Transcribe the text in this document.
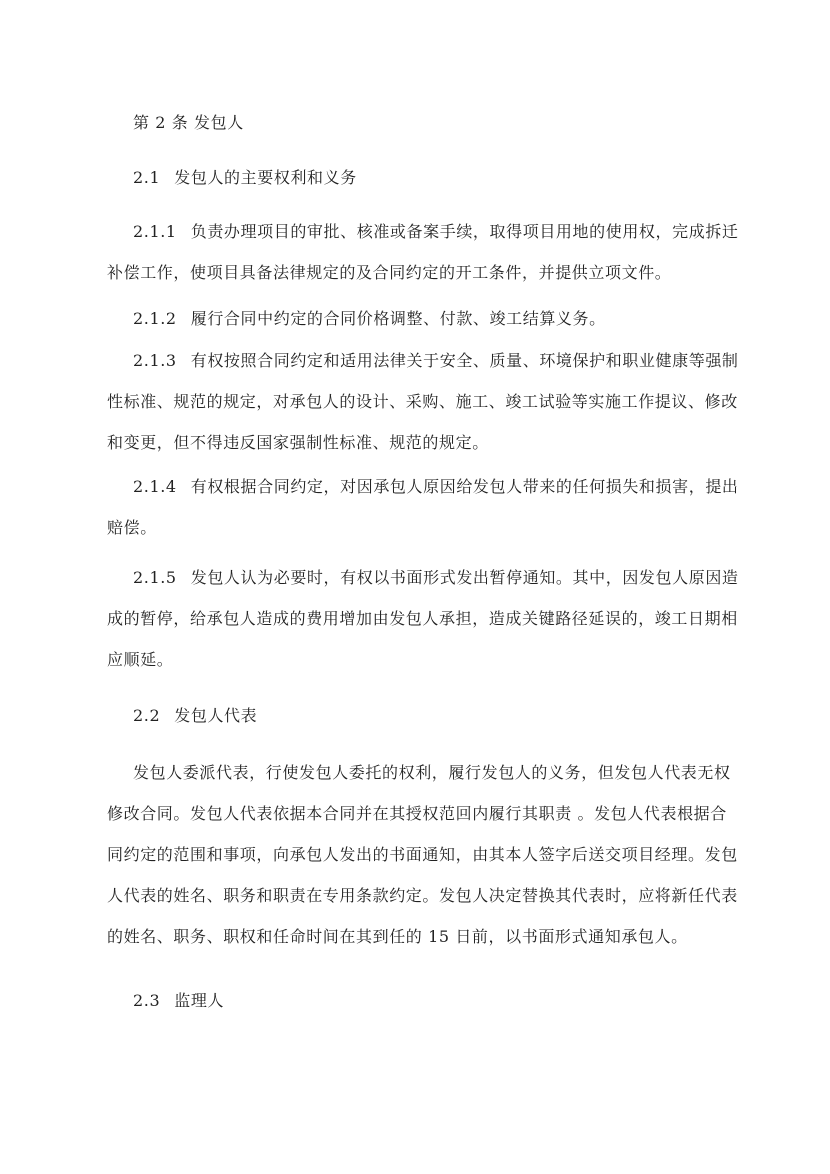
第 2 条 发包人
2.1 发包人的主要权利和义务
2.1.1 负责办理项目的审批、核准或备案手续，取得项目用地的使用权，完成拆迁
补偿工作，使项目具备法律规定的及合同约定的开工条件，并提供立项文件。
2.1.2 履行合同中约定的合同价格调整、付款、竣工结算义务。
2.1.3 有权按照合同约定和适用法律关于安全、质量、环境保护和职业健康等强制
性标准、规范的规定，对承包人的设计、采购、施工、竣工试验等实施工作提议、修改
和变更，但不得违反国家强制性标准、规范的规定。
2.1.4 有权根据合同约定，对因承包人原因给发包人带来的任何损失和损害，提出
赔偿。
2.1.5 发包人认为必要时，有权以书面形式发出暂停通知。其中，因发包人原因造
成的暂停，给承包人造成的费用增加由发包人承担，造成关键路径延误的，竣工日期相
应顺延。
2.2 发包人代表
发包人委派代表，行使发包人委托的权利，履行发包人的义务，但发包人代表无权
修改合同。发包人代表依据本合同并在其授权范回内履行其职责 。发包人代表根据合
同约定的范围和事项，向承包人发出的书面通知，由其本人签字后送交项目经理。发包
人代表的姓名、职务和职责在专用条款约定。发包人决定替换其代表时，应将新任代表
的姓名、职务、职权和任命时间在其到任的 15 日前，以书面形式通知承包人。
2.3 监理人
